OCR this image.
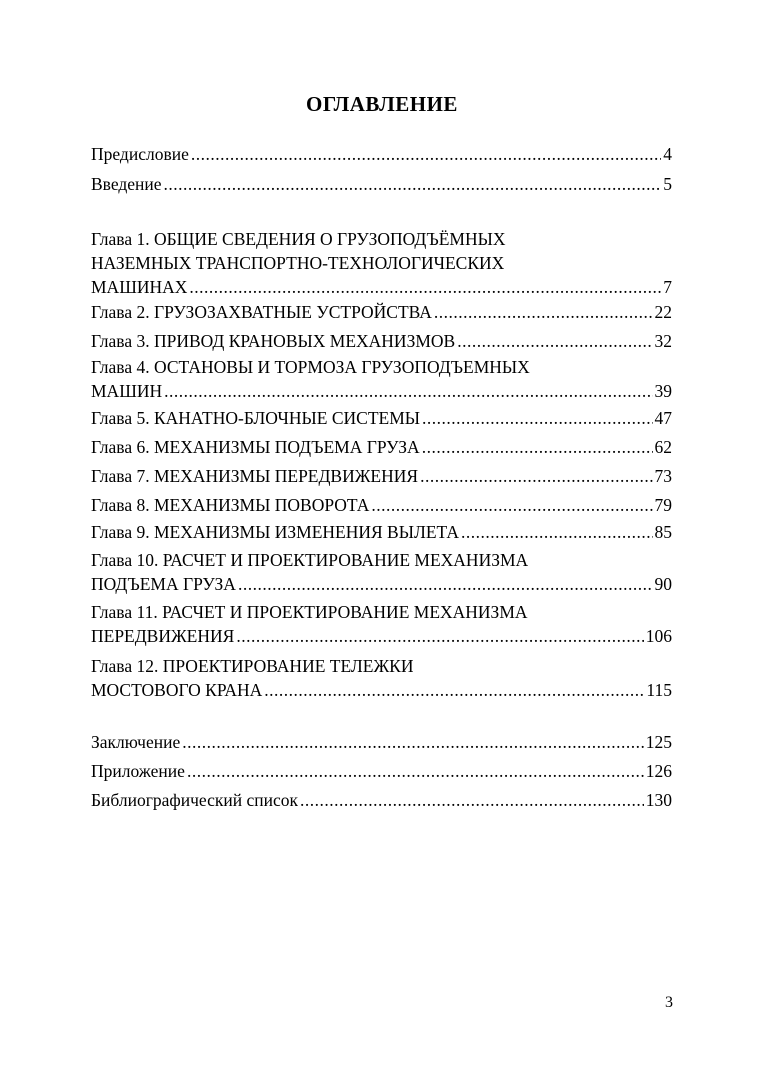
ОГЛАВЛЕНИЕ
Предисловие .....	4
Введение .....	5
Глава 1. ОБЩИЕ СВЕДЕНИЯ О ГРУЗОПОДЪЁМНЫХ
НАЗЕМНЫХ ТРАНСПОРТНО-ТЕХНОЛОГИЧЕСКИХ
МАШИНАХ .....	7
Глава 2. ГРУЗОЗАХВАТНЫЕ УСТРОЙСТВА .....	22
Глава 3. ПРИВОД КРАНОВЫХ МЕХАНИЗМОВ .....	32
Глава 4. ОСТАНОВЫ И ТОРМОЗА ГРУЗОПОДЪЕМНЫХ
МАШИН .....	39
Глава 5. КАНАТНО-БЛОЧНЫЕ СИСТЕМЫ .....	47
Глава 6. МЕХАНИЗМЫ ПОДЪЕМА ГРУЗА .....	62
Глава 7. МЕХАНИЗМЫ ПЕРЕДВИЖЕНИЯ .....	73
Глава 8. МЕХАНИЗМЫ ПОВОРОТА .....	79
Глава 9. МЕХАНИЗМЫ ИЗМЕНЕНИЯ ВЫЛЕТА .....	85
Глава 10. РАСЧЕТ И ПРОЕКТИРОВАНИЕ МЕХАНИЗМА
ПОДЪЕМА ГРУЗА .....	90
Глава 11. РАСЧЕТ И ПРОЕКТИРОВАНИЕ МЕХАНИЗМА
ПЕРЕДВИЖЕНИЯ .....	106
Глава 12. ПРОЕКТИРОВАНИЕ ТЕЛЕЖКИ
МОСТОВОГО КРАНА .....	115
Заключение .....	125
Приложение .....	126
Библиографический список .....	130
3
